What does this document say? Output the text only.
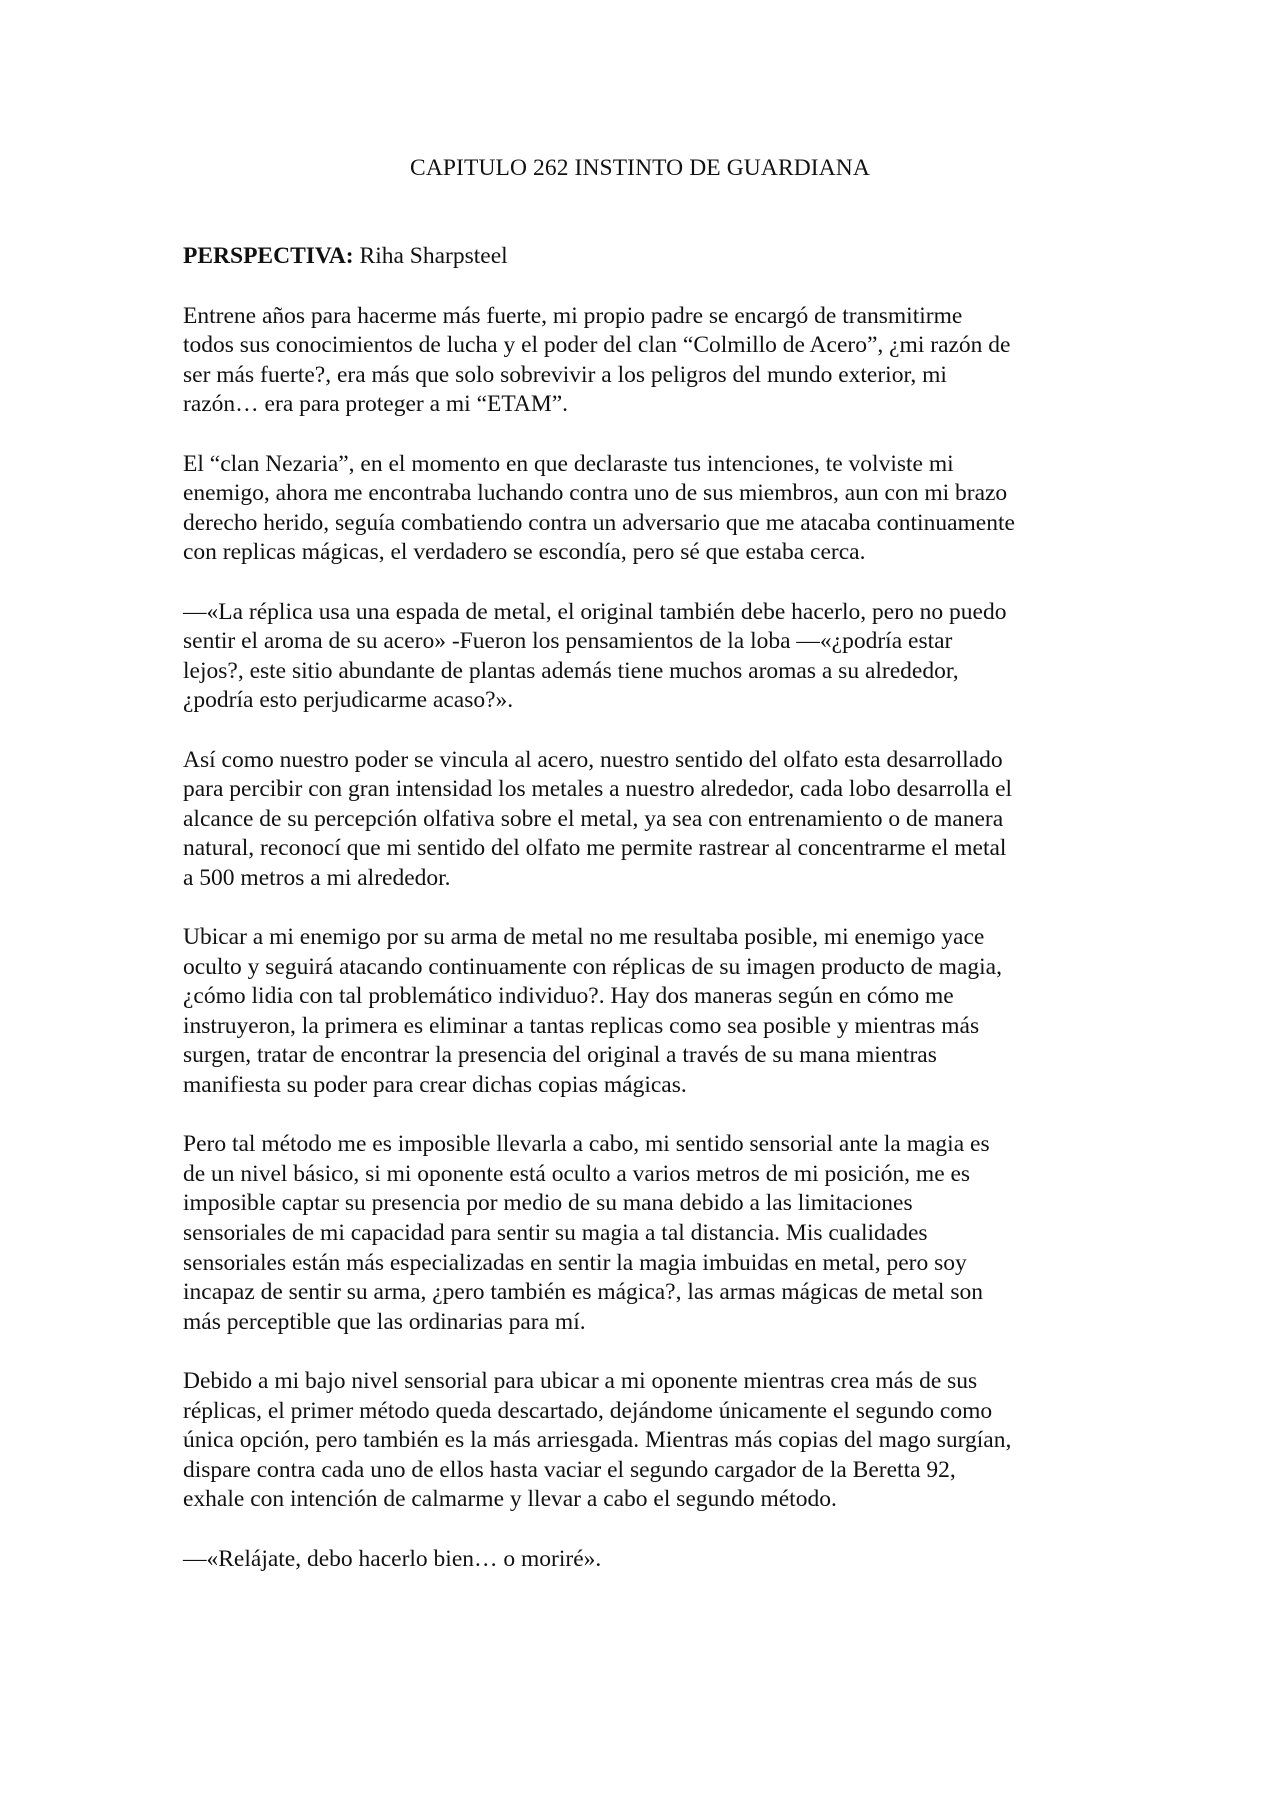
CAPITULO 262 INSTINTO DE GUARDIANA
PERSPECTIVA: Riha Sharpsteel
Entrene años para hacerme más fuerte, mi propio padre se encargó de transmitirme
todos sus conocimientos de lucha y el poder del clan “Colmillo de Acero”, ¿mi razón de
ser más fuerte?, era más que solo sobrevivir a los peligros del mundo exterior, mi
razón… era para proteger a mi “ETAM”.
El “clan Nezaria”, en el momento en que declaraste tus intenciones, te volviste mi
enemigo, ahora me encontraba luchando contra uno de sus miembros, aun con mi brazo
derecho herido, seguía combatiendo contra un adversario que me atacaba continuamente
con replicas mágicas, el verdadero se escondía, pero sé que estaba cerca.
—«La réplica usa una espada de metal, el original también debe hacerlo, pero no puedo
sentir el aroma de su acero» -Fueron los pensamientos de la loba —«¿podría estar
lejos?, este sitio abundante de plantas además tiene muchos aromas a su alrededor,
¿podría esto perjudicarme acaso?».
Así como nuestro poder se vincula al acero, nuestro sentido del olfato esta desarrollado
para percibir con gran intensidad los metales a nuestro alrededor, cada lobo desarrolla el
alcance de su percepción olfativa sobre el metal, ya sea con entrenamiento o de manera
natural, reconocí que mi sentido del olfato me permite rastrear al concentrarme el metal
a 500 metros a mi alrededor.
Ubicar a mi enemigo por su arma de metal no me resultaba posible, mi enemigo yace
oculto y seguirá atacando continuamente con réplicas de su imagen producto de magia,
¿cómo lidia con tal problemático individuo?. Hay dos maneras según en cómo me
instruyeron, la primera es eliminar a tantas replicas como sea posible y mientras más
surgen, tratar de encontrar la presencia del original a través de su mana mientras
manifiesta su poder para crear dichas copias mágicas.
Pero tal método me es imposible llevarla a cabo, mi sentido sensorial ante la magia es
de un nivel básico, si mi oponente está oculto a varios metros de mi posición, me es
imposible captar su presencia por medio de su mana debido a las limitaciones
sensoriales de mi capacidad para sentir su magia a tal distancia. Mis cualidades
sensoriales están más especializadas en sentir la magia imbuidas en metal, pero soy
incapaz de sentir su arma, ¿pero también es mágica?, las armas mágicas de metal son
más perceptible que las ordinarias para mí.
Debido a mi bajo nivel sensorial para ubicar a mi oponente mientras crea más de sus
réplicas, el primer método queda descartado, dejándome únicamente el segundo como
única opción, pero también es la más arriesgada. Mientras más copias del mago surgían,
dispare contra cada uno de ellos hasta vaciar el segundo cargador de la Beretta 92,
exhale con intención de calmarme y llevar a cabo el segundo método.
—«Relájate, debo hacerlo bien… o moriré».
